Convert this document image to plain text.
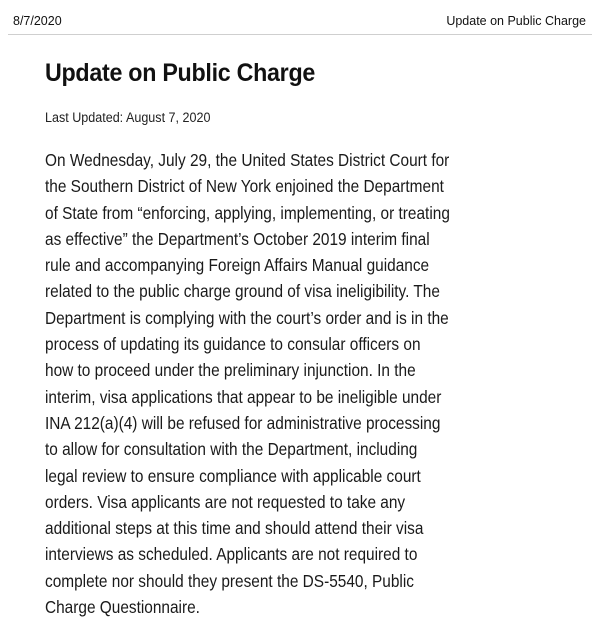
8/7/2020	Update on Public Charge
Update on Public Charge

Last Updated: August 7, 2020

On Wednesday, July 29, the United States District Court for
the Southern District of New York enjoined the Department
of State from “enforcing, applying, implementing, or treating
as effective” the Department’s October 2019 interim final
rule and accompanying Foreign Affairs Manual guidance
related to the public charge ground of visa ineligibility. The
Department is complying with the court’s order and is in the
process of updating its guidance to consular officers on
how to proceed under the preliminary injunction. In the
interim, visa applications that appear to be ineligible under
INA 212(a)(4) will be refused for administrative processing
to allow for consultation with the Department, including
legal review to ensure compliance with applicable court
orders. Visa applicants are not requested to take any
additional steps at this time and should attend their visa
interviews as scheduled. Applicants are not required to
complete nor should they present the DS-5540, Public
Charge Questionnaire.
